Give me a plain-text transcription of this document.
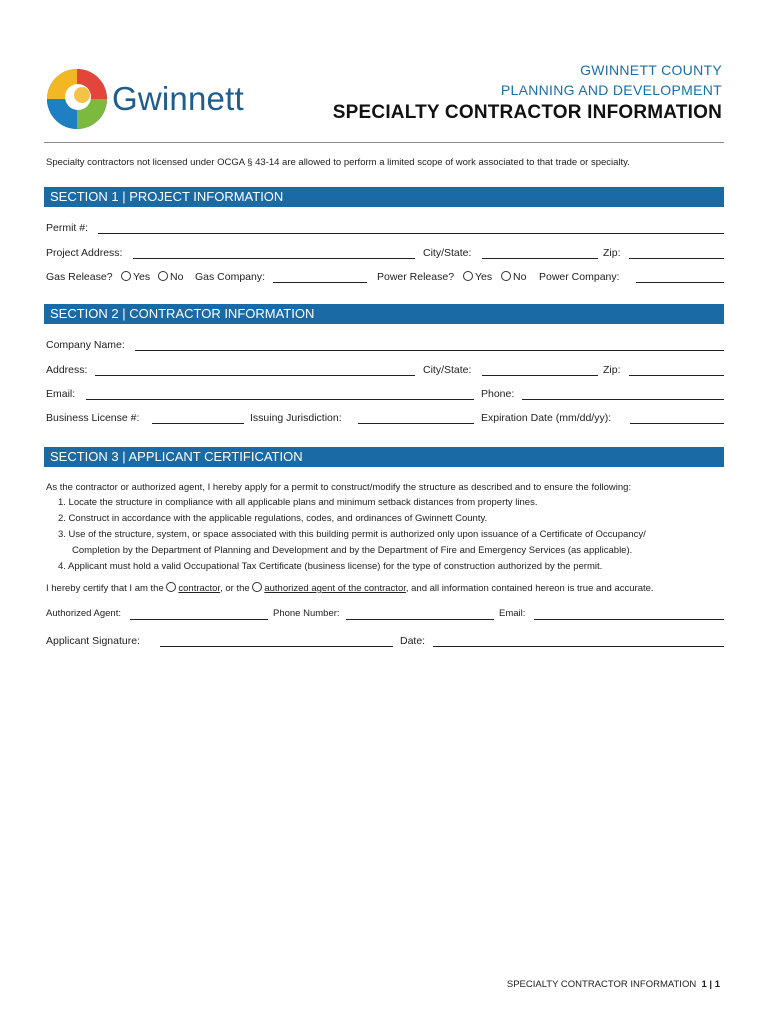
Gwinnett
GWINNETT COUNTY
PLANNING AND DEVELOPMENT
SPECIALTY CONTRACTOR INFORMATION
Specialty contractors not licensed under OCGA § 43-14 are allowed to perform a limited scope of work associated to that trade or specialty.
SECTION 1 | PROJECT INFORMATION
Permit #:
Project Address:	City/State:	Zip:
Gas Release?	Yes	No Gas Company:	Power Release?	Yes	No Power Company:
SECTION 2 | CONTRACTOR INFORMATION
Company Name:
Address:	City/State:	Zip:
Email:	Phone:
Business License #:	Issuing Jurisdiction:	Expiration Date (mm/dd/yy):
SECTION 3 | APPLICANT CERTIFICATION
As the contractor or authorized agent, I hereby apply for a permit to construct/modify the structure as described and to ensure the following:
1. Locate the structure in compliance with all applicable plans and minimum setback distances from property lines.
2. Construct in accordance with the applicable regulations, codes, and ordinances of Gwinnett County.
3. Use of the structure, system, or space associated with this building permit is authorized only upon issuance of a Certificate of Occupancy/
Completion by the Department of Planning and Development and by the Department of Fire and Emergency Services (as applicable).
4. Applicant must hold a valid Occupational Tax Certificate (business license) for the type of construction authorized by the permit.
I hereby certify that I am the contractor, or the authorized agent of the contractor, and all information contained hereon is true and accurate.
Authorized Agent:	Phone Number:	Email:
Applicant Signature:	Date:
SPECIALTY CONTRACTOR INFORMATION 1 | 1
